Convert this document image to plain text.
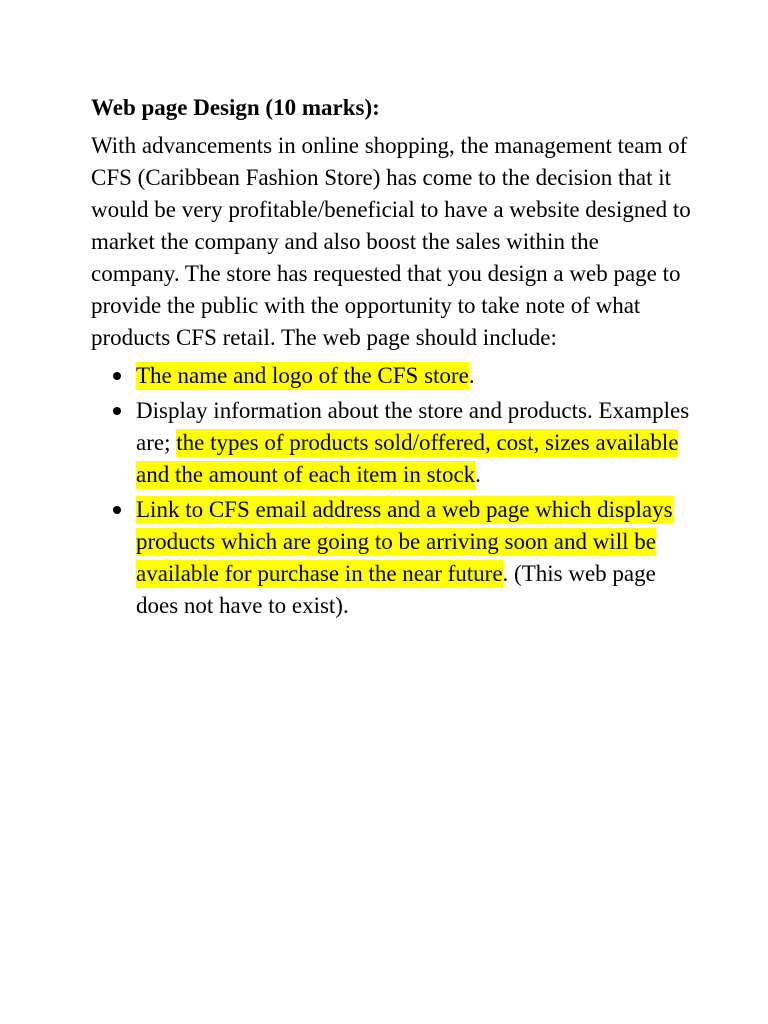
Web page Design (10 marks):
With advancements in online shopping, the management team of CFS (Caribbean Fashion Store) has come to the decision that it would be very profitable/beneficial to have a website designed to market the company and also boost the sales within the company. The store has requested that you design a web page to provide the public with the opportunity to take note of what products CFS retail. The web page should include:
The name and logo of the CFS store.
Display information about the store and products. Examples are; the types of products sold/offered, cost, sizes available and the amount of each item in stock.
Link to CFS email address and a web page which displays products which are going to be arriving soon and will be available for purchase in the near future. (This web page does not have to exist).
